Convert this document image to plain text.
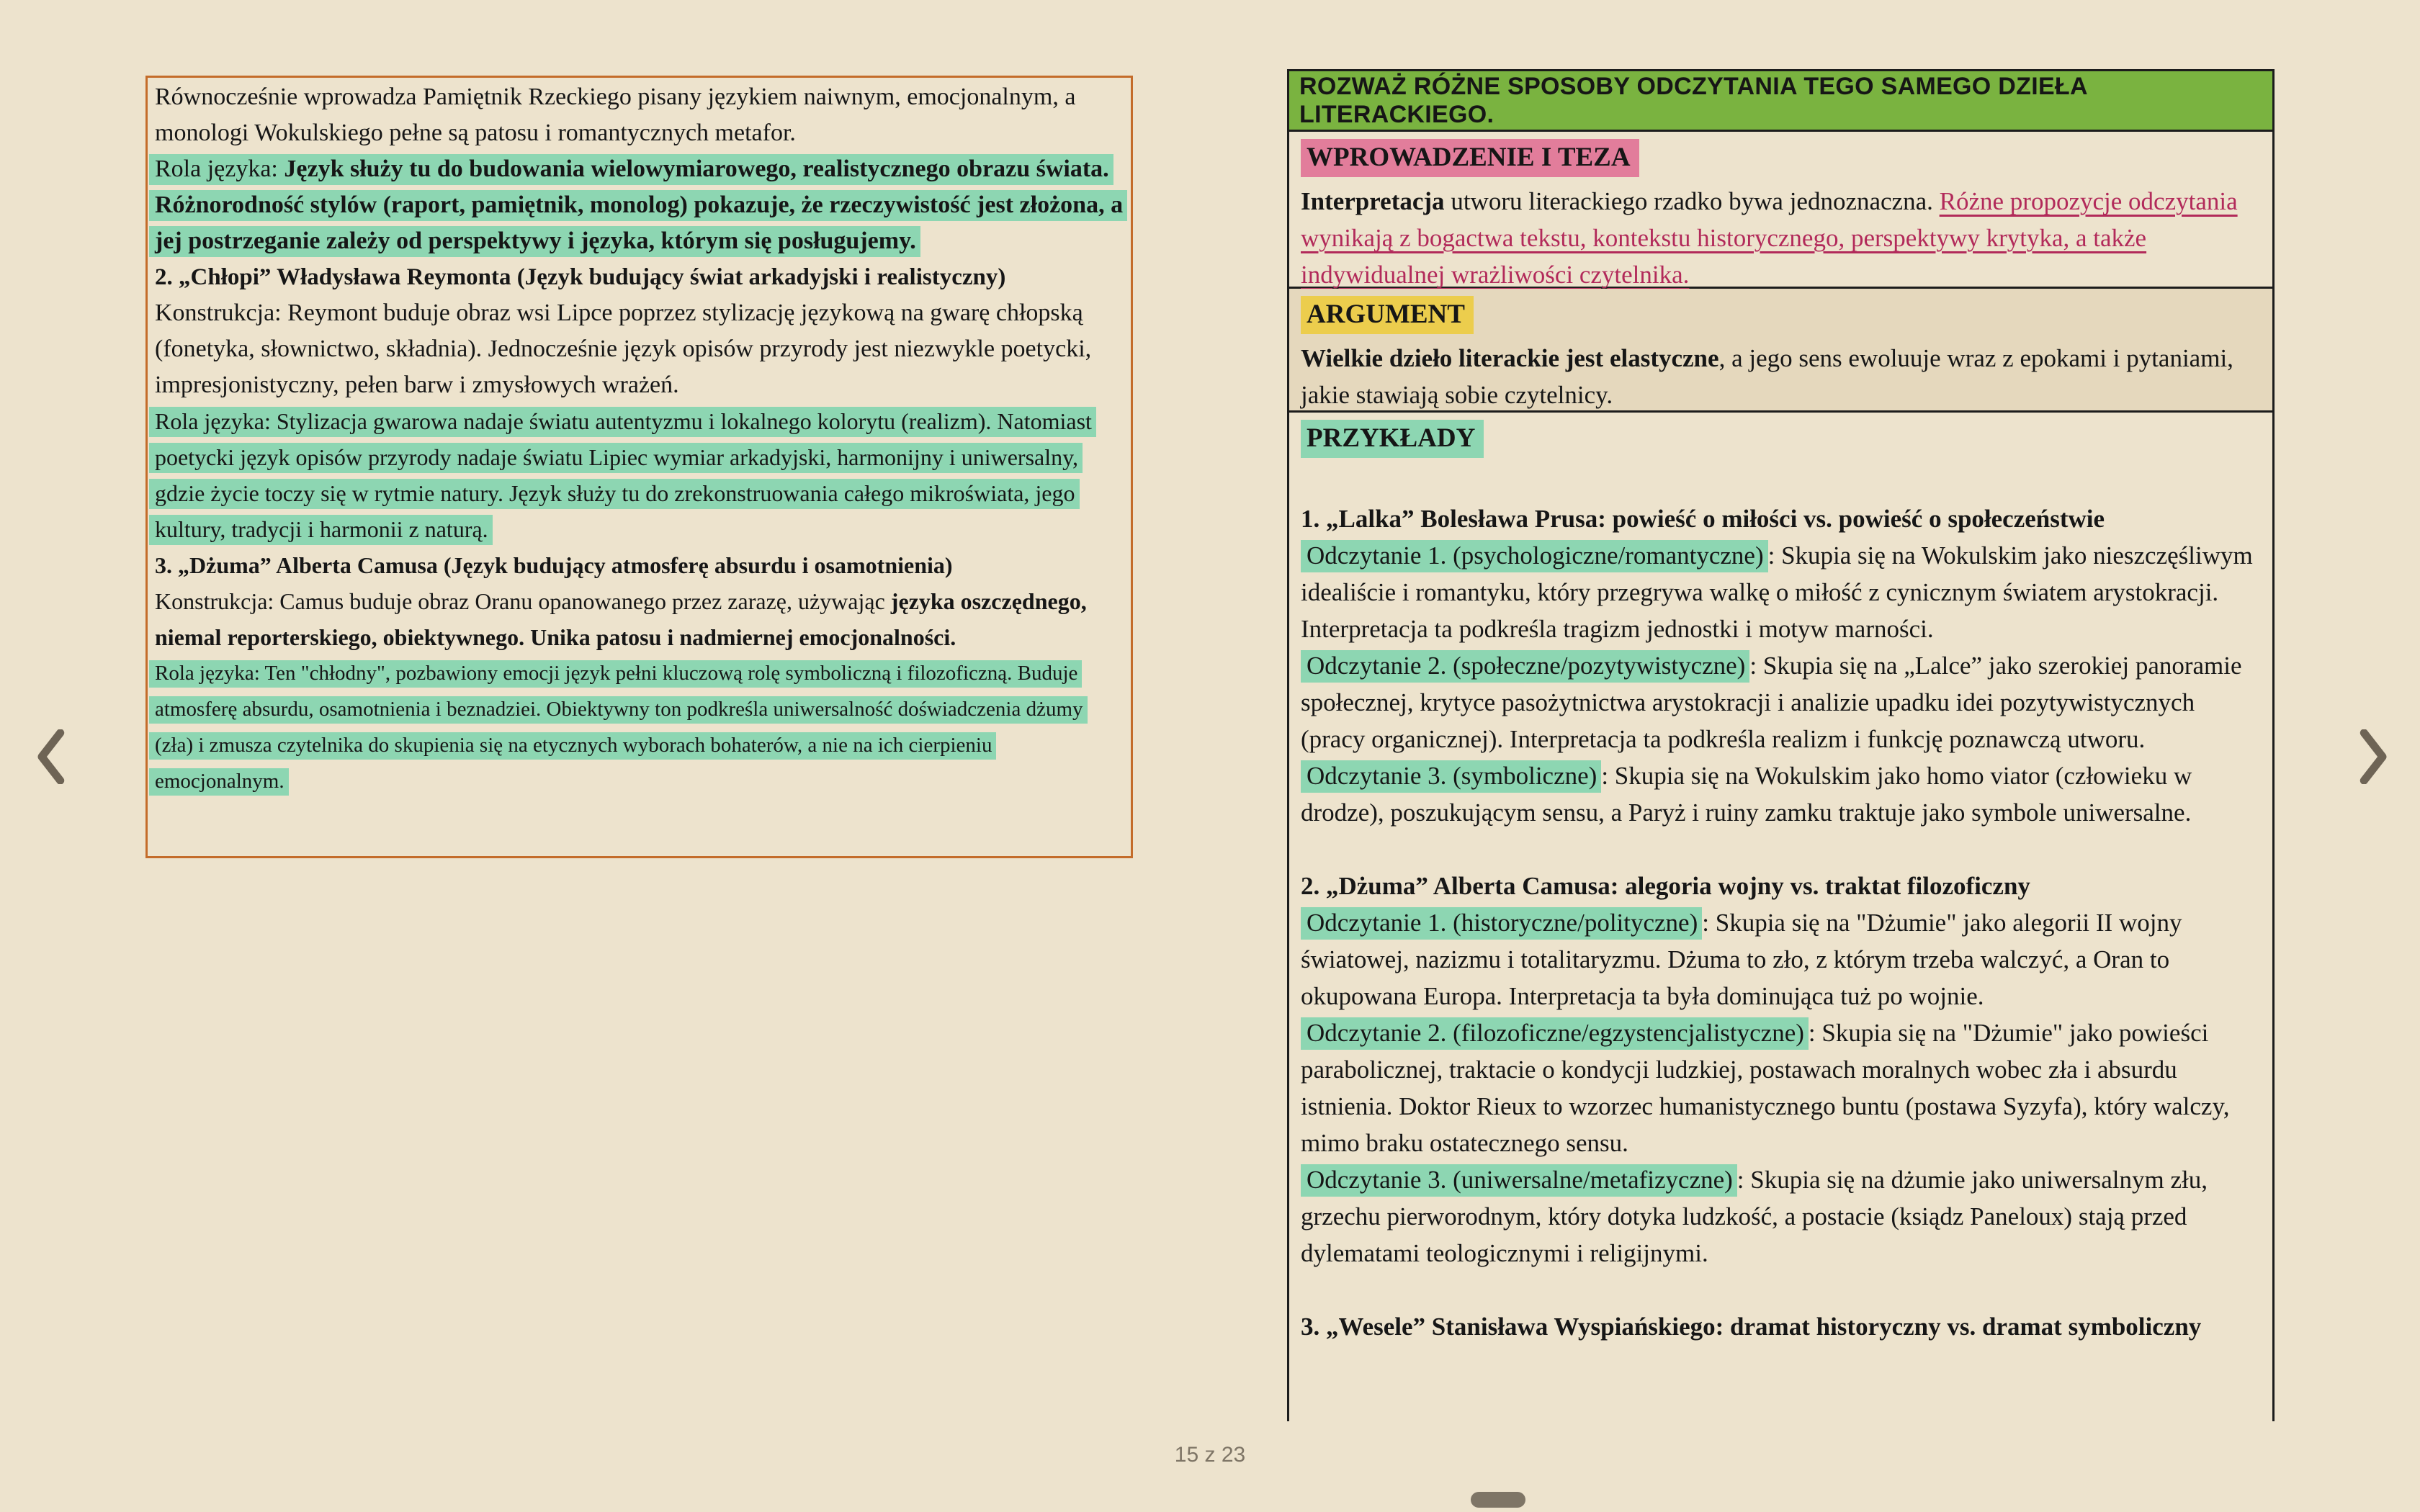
Równocześnie wprowadza Pamiętnik Rzeckiego pisany językiem naiwnym, emocjonalnym, a monologi Wokulskiego pełne są patosu i romantycznych metafor.

Rola języka: Język służy tu do budowania wielowymiarowego, realistycznego obrazu świata. Różnorodność stylów (raport, pamiętnik, monolog) pokazuje, że rzeczywistość jest złożona, a jej postrzeganie zależy od perspektywy i języka, którym się posługujemy.

2. „Chłopi” Władysława Reymonta (Język budujący świat arkadyjski i realistyczny)

Konstrukcja: Reymont buduje obraz wsi Lipce poprzez stylizację językową na gwarę chłopską (fonetyka, słownictwo, składnia). Jednocześnie język opisów przyrody jest niezwykle poetycki, impresjonistyczny, pełen barw i zmysłowych wrażeń.

Rola języka: Stylizacja gwarowa nadaje światu autentyzmu i lokalnego kolorytu (realizm). Natomiast poetycki język opisów przyrody nadaje światu Lipiec wymiar arkadyjski, harmonijny i uniwersalny, gdzie życie toczy się w rytmie natury. Język służy tu do zrekonstruowania całego mikroświata, jego kultury, tradycji i harmonii z naturą.

3. „Dżuma” Alberta Camusa (Język budujący atmosferę absurdu i osamotnienia)

Konstrukcja: Camus buduje obraz Oranu opanowanego przez zarazę, używając języka oszczędnego, niemal reporterskiego, obiektywnego. Unika patosu i nadmiernej emocjonalności.

Rola języka: Ten "chłodny", pozbawiony emocji język pełni kluczową rolę symboliczną i filozoficzną. Buduje atmosferę absurdu, osamotnienia i beznadziei. Obiektywny ton podkreśla uniwersalność doświadczenia dżumy (zła) i zmusza czytelnika do skupienia się na etycznych wyborach bohaterów, a nie na ich cierpieniu emocjonalnym.

ROZWAŻ RÓŻNE SPOSOBY ODCZYTANIA TEGO SAMEGO DZIEŁA LITERACKIEGO.
WPROWADZENIE I TEZA

Interpretacja utworu literackiego rzadko bywa jednoznaczna. Różne propozycje odczytania wynikają z bogactwa tekstu, kontekstu historycznego, perspektywy krytyka, a także indywidualnej wrażliwości czytelnika.

ARGUMENT

Wielkie dzieło literackie jest elastyczne, a jego sens ewoluuje wraz z epokami i pytaniami, jakie stawiają sobie czytelnicy.

PRZYKŁADY

1. „Lalka” Bolesława Prusa: powieść o miłości vs. powieść o społeczeństwie

Odczytanie 1. (psychologiczne/romantyczne) : Skupia się na Wokulskim jako nieszczęśliwym idealiście i romantyku, który przegrywa walkę o miłość z cynicznym światem arystokracji. Interpretacja ta podkreśla tragizm jednostki i motyw marności.

Odczytanie 2. (społeczne/pozytywistyczne) : Skupia się na „Lalce” jako szerokiej panoramie społecznej, krytyce pasożytnictwa arystokracji i analizie upadku idei pozytywistycznych (pracy organicznej). Interpretacja ta podkreśla realizm i funkcję poznawczą utworu.

Odczytanie 3. (symboliczne) : Skupia się na Wokulskim jako homo viator (człowieku w drodze), poszukującym sensu, a Paryż i ruiny zamku traktuje jako symbole uniwersalne.

2. „Dżuma” Alberta Camusa: alegoria wojny vs. traktat filozoficzny

Odczytanie 1. (historyczne/polityczne) : Skupia się na "Dżumie" jako alegorii II wojny światowej, nazizmu i totalitaryzmu. Dżuma to zło, z którym trzeba walczyć, a Oran to okupowana Europa. Interpretacja ta była dominująca tuż po wojnie.

Odczytanie 2. (filozoficzne/egzystencjalistyczne) : Skupia się na "Dżumie" jako powieści parabolicznej, traktacie o kondycji ludzkiej, postawach moralnych wobec zła i absurdu istnienia. Doktor Rieux to wzorzec humanistycznego buntu (postawa Syzyfa), który walczy, mimo braku ostatecznego sensu.

Odczytanie 3. (uniwersalne/metafizyczne) : Skupia się na dżumie jako uniwersalnym złu, grzechu pierworodnym, który dotyka ludzkość, a postacie (ksiądz Paneloux) stają przed dylematami teologicznymi i religijnymi.

3. „Wesele” Stanisława Wyspiańskiego: dramat historyczny vs. dramat symboliczny

15 z 23
